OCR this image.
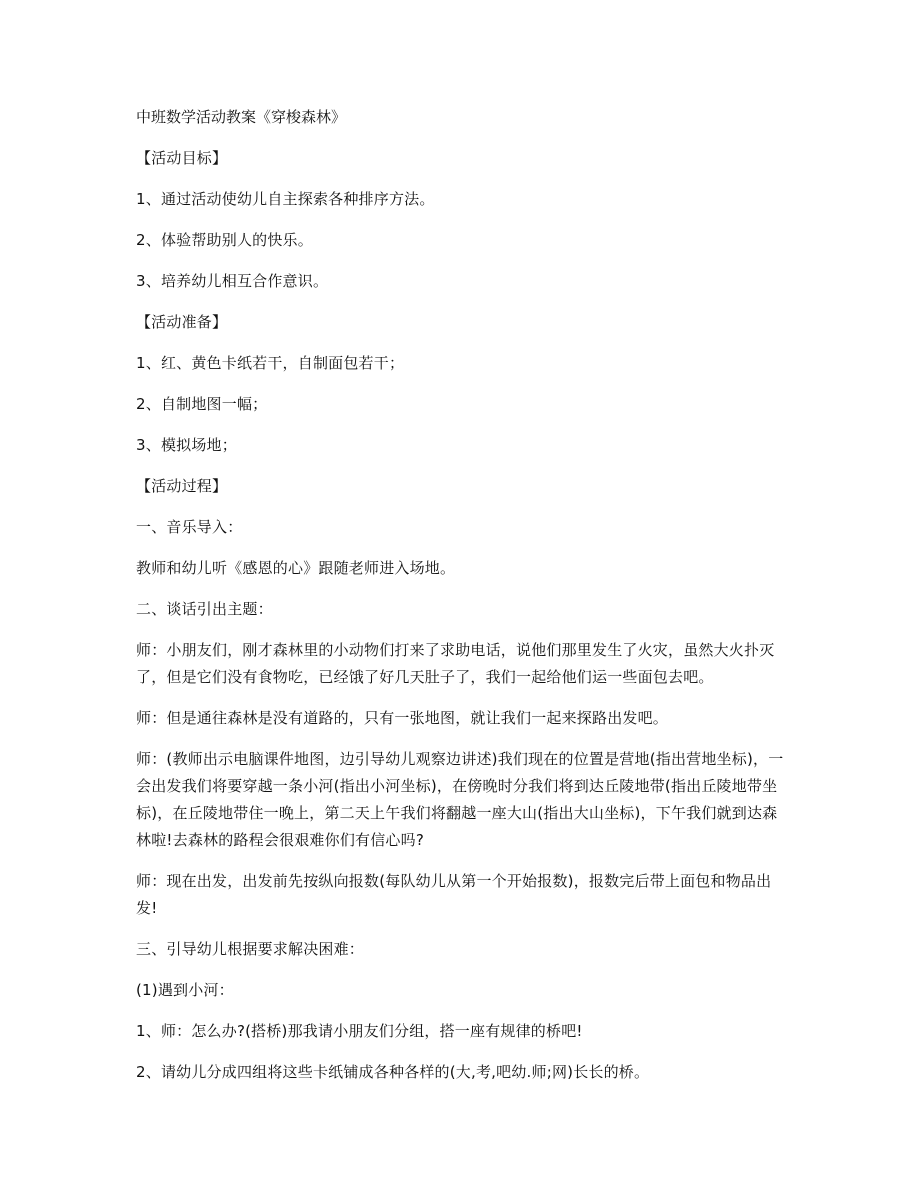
中班数学活动教案《穿梭森林》

【活动目标】

1、通过活动使幼儿自主探索各种排序方法。

2、体验帮助别人的快乐。

3、培养幼儿相互合作意识。

【活动准备】

1、红、黄色卡纸若干，自制面包若干；

2、自制地图一幅；

3、模拟场地；

【活动过程】

一、音乐导入：

教师和幼儿听《感恩的心》跟随老师进入场地。

二、谈话引出主题：

师：小朋友们，刚才森林里的小动物们打来了求助电话，说他们那里发生了火灾，虽然大火扑灭了，但是它们没有食物吃，已经饿了好几天肚子了，我们一起给他们运一些面包去吧。

师：但是通往森林是没有道路的，只有一张地图，就让我们一起来探路出发吧。

师：(教师出示电脑课件地图，边引导幼儿观察边讲述)我们现在的位置是营地(指出营地坐标)，一会出发我们将要穿越一条小河(指出小河坐标)，在傍晚时分我们将到达丘陵地带(指出丘陵地带坐标)，在丘陵地带住一晚上，第二天上午我们将翻越一座大山(指出大山坐标)，下午我们就到达森林啦!去森林的路程会很艰难你们有信心吗?

师：现在出发，出发前先按纵向报数(每队幼儿从第一个开始报数)，报数完后带上面包和物品出发!

三、引导幼儿根据要求解决困难：

(1)遇到小河：

1、师：怎么办?(搭桥)那我请小朋友们分组，搭一座有规律的桥吧!

2、请幼儿分成四组将这些卡纸铺成各种各样的(大,考,吧幼.师;网)长长的桥。
